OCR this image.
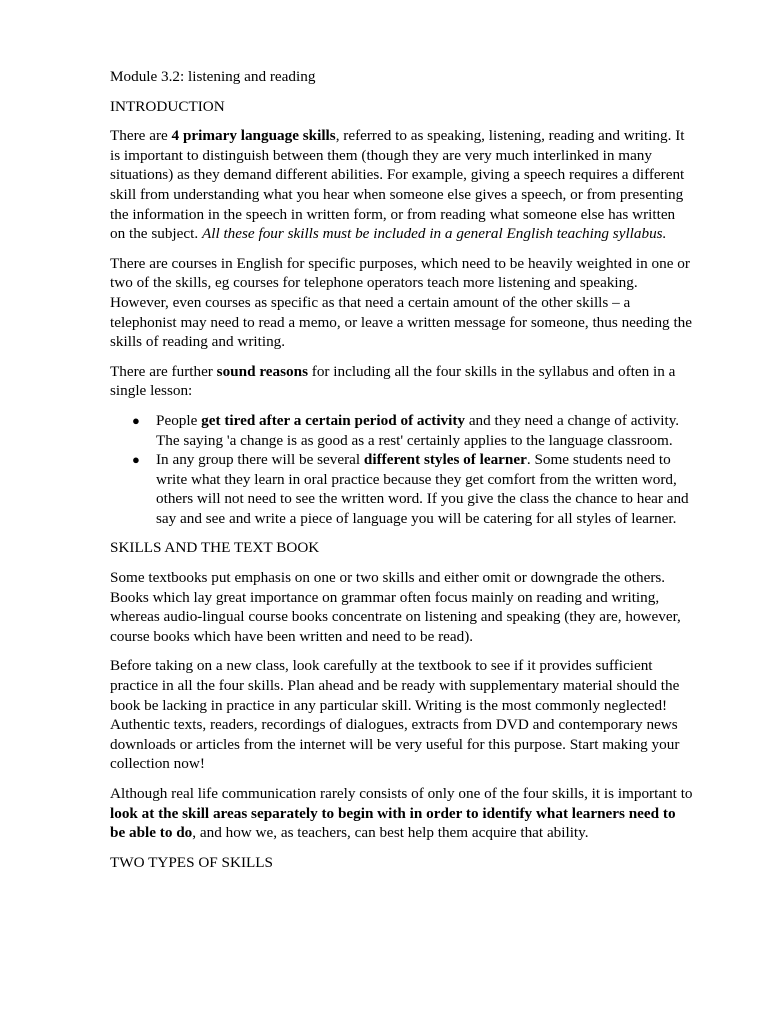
Module 3.2: listening and reading

INTRODUCTION

There are 4 primary language skills, referred to as speaking, listening, reading and writing. It is important to distinguish between them (though they are very much interlinked in many situations) as they demand different abilities. For example, giving a speech requires a different skill from understanding what you hear when someone else gives a speech, or from presenting the information in the speech in written form, or from reading what someone else has written on the subject. All these four skills must be included in a general English teaching syllabus.

There are courses in English for specific purposes, which need to be heavily weighted in one or two of the skills, eg courses for telephone operators teach more listening and speaking. However, even courses as specific as that need a certain amount of the other skills – a telephonist may need to read a memo, or leave a written message for someone, thus needing the skills of reading and writing.

There are further sound reasons for including all the four skills in the syllabus and often in a single lesson:

● People get tired after a certain period of activity and they need a change of activity. The saying 'a change is as good as a rest' certainly applies to the language classroom.
● In any group there will be several different styles of learner. Some students need to write what they learn in oral practice because they get comfort from the written word, others will not need to see the written word. If you give the class the chance to hear and say and see and write a piece of language you will be catering for all styles of learner.

SKILLS AND THE TEXT BOOK

Some textbooks put emphasis on one or two skills and either omit or downgrade the others. Books which lay great importance on grammar often focus mainly on reading and writing, whereas audio-lingual course books concentrate on listening and speaking (they are, however, course books which have been written and need to be read).

Before taking on a new class, look carefully at the textbook to see if it provides sufficient practice in all the four skills. Plan ahead and be ready with supplementary material should the book be lacking in practice in any particular skill. Writing is the most commonly neglected! Authentic texts, readers, recordings of dialogues, extracts from DVD and contemporary news downloads or articles from the internet will be very useful for this purpose. Start making your collection now!

Although real life communication rarely consists of only one of the four skills, it is important to look at the skill areas separately to begin with in order to identify what learners need to be able to do, and how we, as teachers, can best help them acquire that ability.

TWO TYPES OF SKILLS
